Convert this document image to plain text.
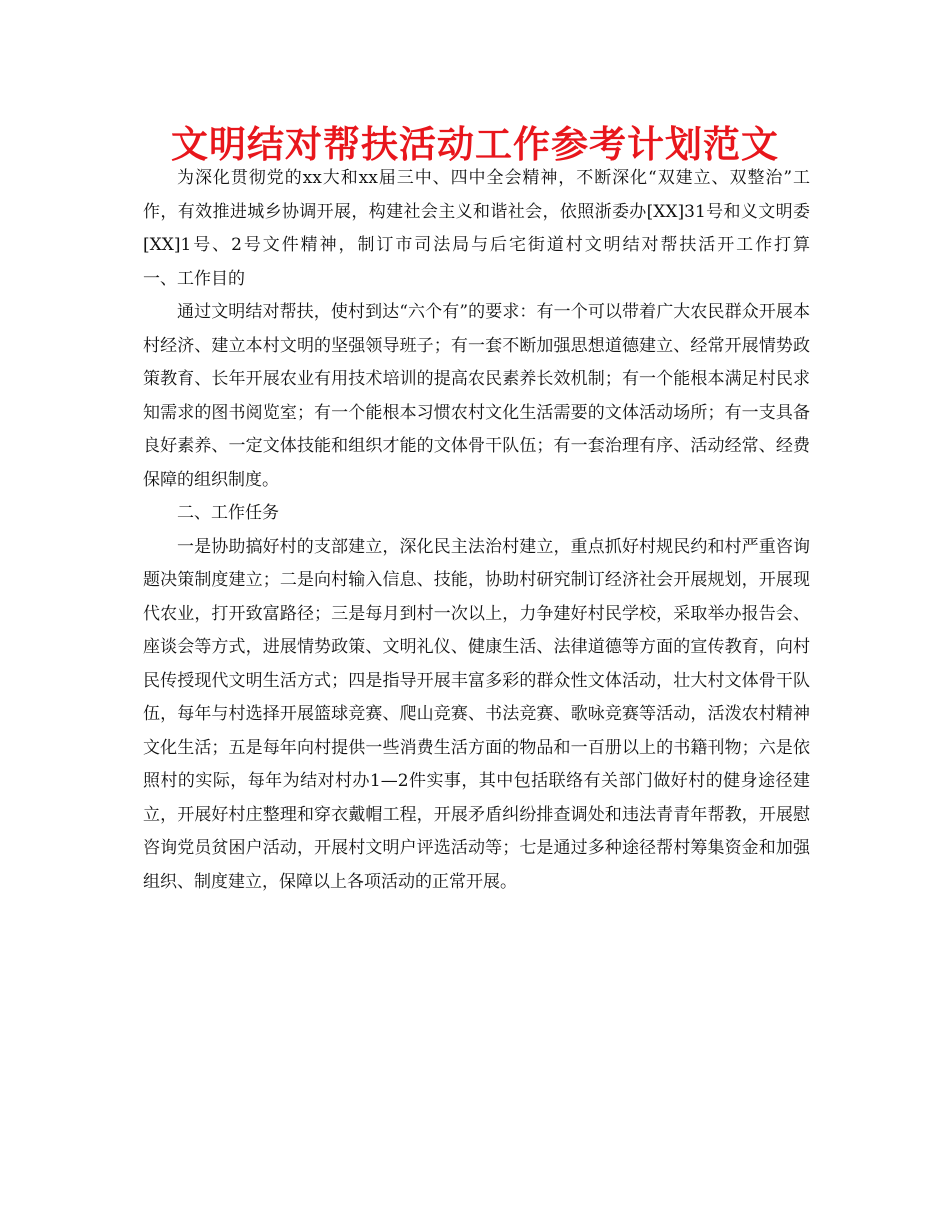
文明结对帮扶活动工作参考计划范文

为深化贯彻党的xx大和xx届三中、四中全会精神，不断深化“双建立、双整治”工作，有效推进城乡协调开展，构建社会主义和谐社会，依照浙委办[XX]31号和义文明委[XX]1号、2号文件精神，制订市司法局与后宅街道村文明结对帮扶活开工作打算　　一、工作目的

通过文明结对帮扶，使村到达“六个有”的要求：有一个可以带着广大农民群众开展本村经济、建立本村文明的坚强领导班子；有一套不断加强思想道德建立、经常开展情势政策教育、长年开展农业有用技术培训的提高农民素养长效机制；有一个能根本满足村民求知需求的图书阅览室；有一个能根本习惯农村文化生活需要的文体活动场所；有一支具备良好素养、一定文体技能和组织才能的文体骨干队伍；有一套治理有序、活动经常、经费保障的组织制度。

二、工作任务

一是协助搞好村的支部建立，深化民主法治村建立，重点抓好村规民约和村严重咨询题决策制度建立；二是向村输入信息、技能，协助村研究制订经济社会开展规划，开展现代农业，打开致富路径；三是每月到村一次以上，力争建好村民学校，采取举办报告会、座谈会等方式，进展情势政策、文明礼仪、健康生活、法律道德等方面的宣传教育，向村民传授现代文明生活方式；四是指导开展丰富多彩的群众性文体活动，壮大村文体骨干队伍，每年与村选择开展篮球竞赛、爬山竞赛、书法竞赛、歌咏竞赛等活动，活泼农村精神文化生活；五是每年向村提供一些消费生活方面的物品和一百册以上的书籍刊物；六是依照村的实际，每年为结对村办1—2件实事，其中包括联络有关部门做好村的健身途径建立，开展好村庄整理和穿衣戴帽工程，开展矛盾纠纷排查调处和违法青青年帮教，开展慰咨询党员贫困户活动，开展村文明户评选活动等；七是通过多种途径帮村筹集资金和加强组织、制度建立，保障以上各项活动的正常开展。
